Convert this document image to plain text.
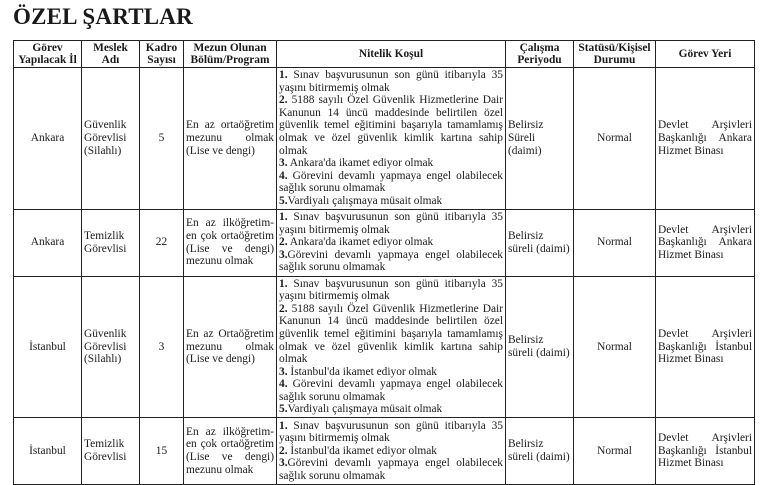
ÖZEL ŞARTLAR
Görev Yapılacak İl	Meslek Adı	Kadro Sayısı	Mezun Olunan Bölüm/Program	Nitelik Koşul	Çalışma Periyodu	Statüsü/Kişisel Durumu	Görev Yeri
Ankara	Güvenlik Görevlisi (Silahlı)	5	En az ortaöğretim mezunu olmak (Lise ve dengi)	1. Sınav başvurusunun son günü itibarıyla 35 yaşını bitirmemiş olmak
2. 5188 sayılı Özel Güvenlik Hizmetlerine Dair Kanunun 14 üncü maddesinde belirtilen özel güvenlik temel eğitimini başarıyla tamamlamış olmak ve özel güvenlik kimlik kartına sahip olmak
3. Ankara'da ikamet ediyor olmak
4. Görevini devamlı yapmaya engel olabilecek sağlık sorunu olmamak
5.Vardiyalı çalışmaya müsait olmak	Belirsiz Süreli (daimi)	Normal	Devlet Arşivleri Başkanlığı Ankara Hizmet Binası
Ankara	Temizlik Görevlisi	22	En az ilköğretim- en çok ortaöğretim (Lise ve dengi) mezunu olmak	1. Sınav başvurusunun son günü itibarıyla 35 yaşını bitirmemiş olmak
2. Ankara'da ikamet ediyor olmak
3.Görevini devamlı yapmaya engel olabilecek sağlık sorunu olmamak	Belirsiz süreli (daimi)	Normal	Devlet Arşivleri Başkanlığı Ankara Hizmet Binası
İstanbul	Güvenlik Görevlisi (Silahlı)	3	En az Ortaöğretim mezunu olmak (Lise ve dengi)	1. Sınav başvurusunun son günü itibarıyla 35 yaşını bitirmemiş olmak
2. 5188 sayılı Özel Güvenlik Hizmetlerine Dair Kanunun 14 üncü maddesinde belirtilen özel güvenlik temel eğitimini başarıyla tamamlamış olmak ve özel güvenlik kimlik kartına sahip olmak
3. İstanbul'da ikamet ediyor olmak
4. Görevini devamlı yapmaya engel olabilecek sağlık sorunu olmamak
5.Vardiyalı çalışmaya müsait olmak	Belirsiz süreli (daimi)	Normal	Devlet Arşivleri Başkanlığı İstanbul Hizmet Binası
İstanbul	Temizlik Görevlisi	15	En az ilköğretim- en çok ortaöğretim (Lise ve dengi) mezunu olmak	1. Sınav başvurusunun son günü itibarıyla 35 yaşını bitirmemiş olmak
2. İstanbul'da ikamet ediyor olmak
3.Görevini devamlı yapmaya engel olabilecek sağlık sorunu olmamak	Belirsiz süreli (daimi)	Normal	Devlet Arşivleri Başkanlığı İstanbul Hizmet Binası
